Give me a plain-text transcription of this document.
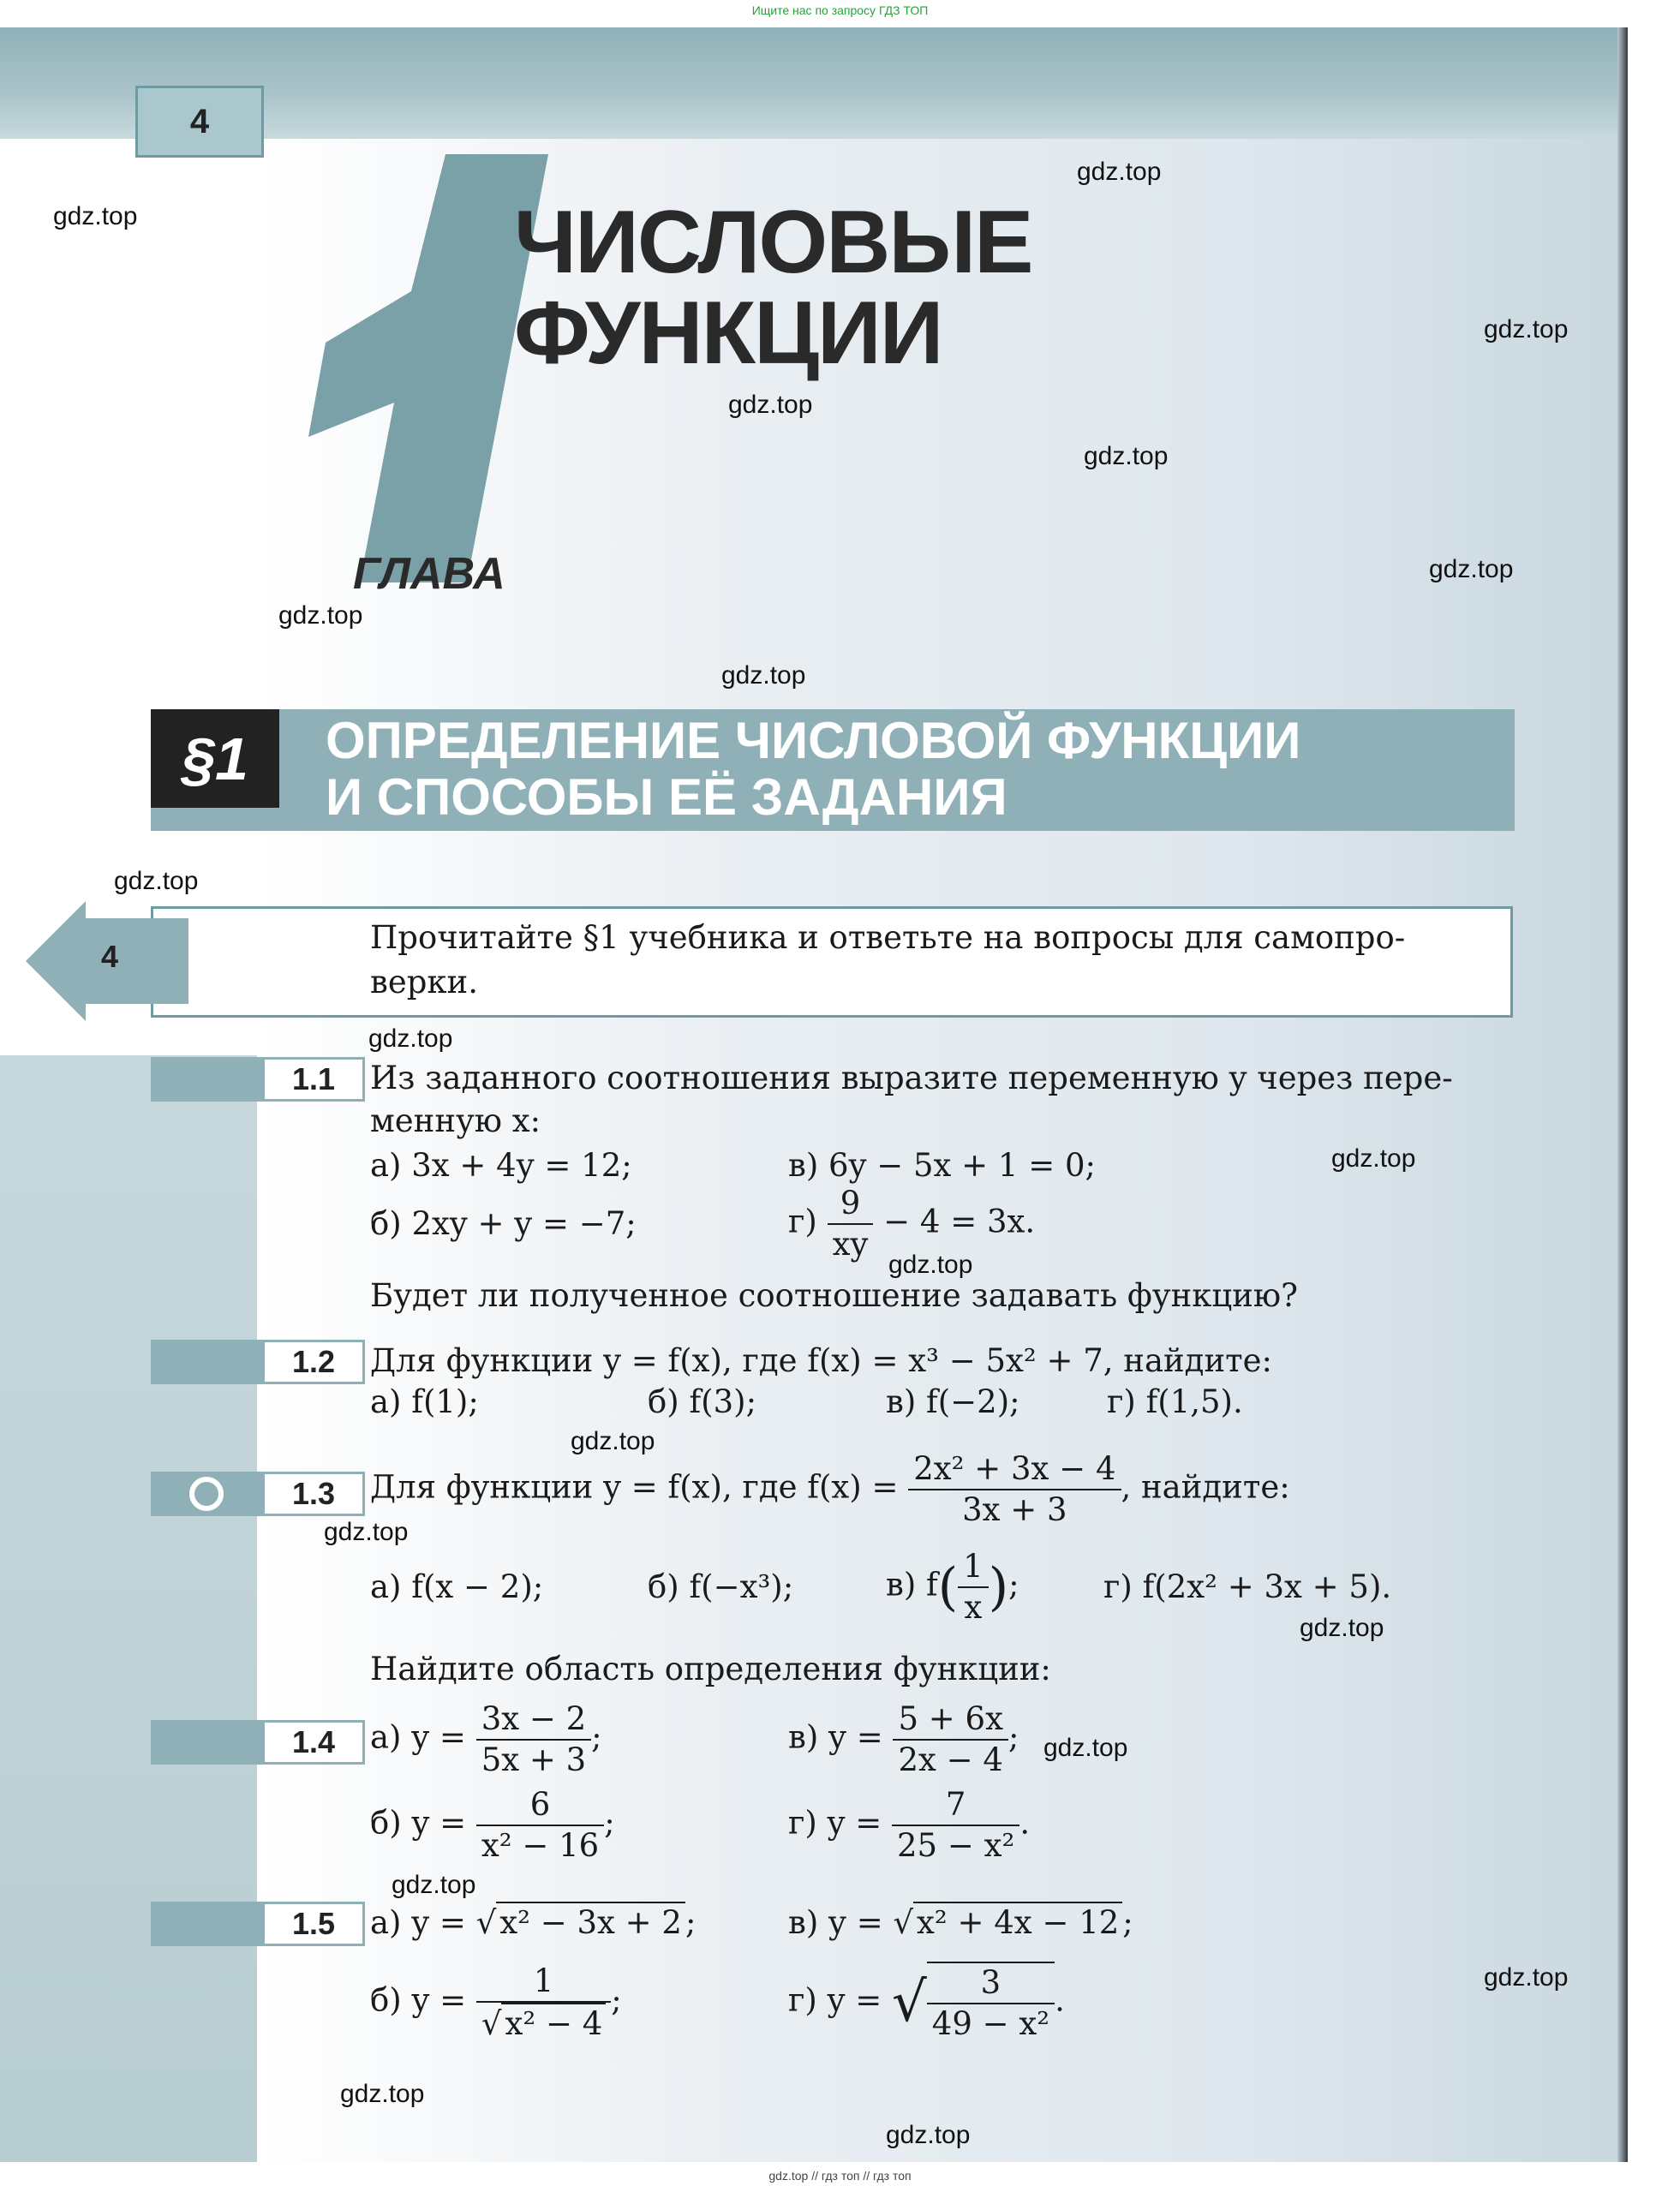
Ищите нас по запросу ГДЗ ТОП
4
ЧИСЛОВЫЕ
ФУНКЦИИ
ГЛАВА
§1	ОПРЕДЕЛЕНИЕ ЧИСЛОВОЙ ФУНКЦИИ
И СПОСОБЫ ЕЁ ЗАДАНИЯ
4
Прочитайте §1 учебника и ответьте на вопросы для самопро-
верки.
1.1	Из заданного соотношения выразите переменную y через пере-
менную x:
а) 3x + 4y = 12;	в) 6y − 5x + 1 = 0;
б) 2xy + y = −7;	$г) \frac{9}{xy} - 4 = 3x$.
Будет ли полученное соотношение задавать функцию?
1.2	Для функции y = f(x), где f(x) = x³ − 5x² + 7, найдите:
а) f(1);	б) f(3);	в) f(−2);	г) f(1,5).
1.3	Для функции y = f(x), где $f(x) = \frac{\text{2x² + 3x − 4}}{3x + 3}$ , найдите:
а) f(x − 2);	б) f(−x³);	в) $f( \frac{1}{x}$ );	г) f(2x² + 3x + 5).
Найдите область определения функции:
1.4	а) $y = \frac{3x - 2}{5x + 3}$ ;	в) $y = \frac{5 + 6x}{2x - 4}$ ;
б) $y = \frac{6}{\text{x² − 16}}$ ;	г) $y = \frac{7}{\text{25 − x²}}$ .
1.5	а) y = √ x² − 3x + 2 ;	в) y = √ x² + 4x − 12 ;
б) $y = \frac{1}{\text{√ x² − 4}}$ ;	г) y = √ $\frac{3}{\text{49 − x²}}$ .
gdz.top
gdz.top
gdz.top
gdz.top
gdz.top
gdz.top
gdz.top
gdz.top
gdz.top
gdz.top
gdz.top
gdz.top
gdz.top
gdz.top
gdz.top
gdz.top
gdz.top
gdz.top
gdz.top
gdz.top
gdz.top // гдз топ // гдз топ
